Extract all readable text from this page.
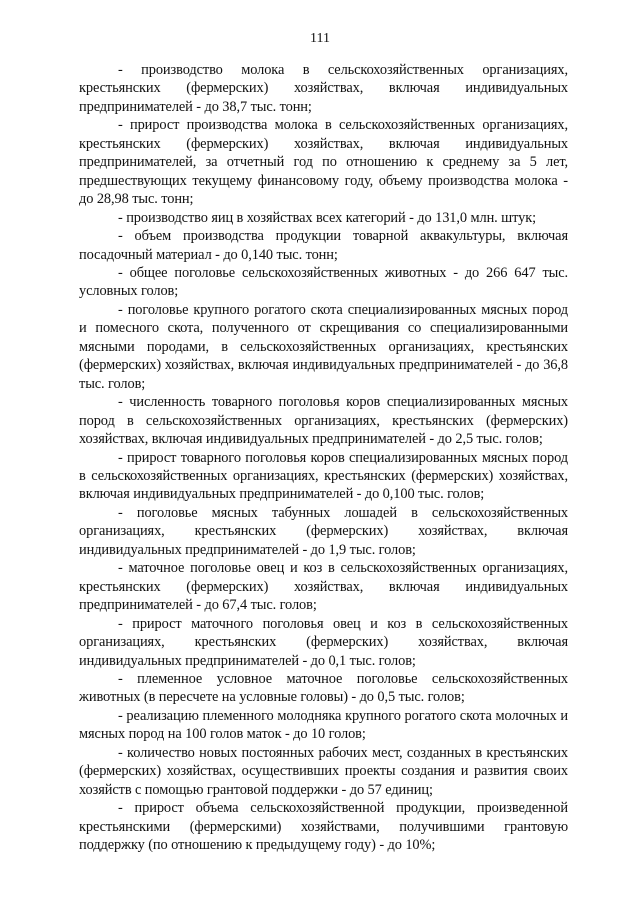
111

- производство молока в сельскохозяйственных организациях, крестьянских (фермерских) хозяйствах, включая индивидуальных предпринимателей - до 38,7 тыс. тонн;

- прирост производства молока в сельскохозяйственных организациях, крестьянских (фермерских) хозяйствах, включая индивидуальных предпринимателей, за отчетный год по отношению к среднему за 5 лет, предшествующих текущему финансовому году, объему производства молока - до 28,98 тыс. тонн;

- производство яиц в хозяйствах всех категорий - до 131,0 млн. штук;

- объем производства продукции товарной аквакультуры, включая посадочный материал - до 0,140 тыс. тонн;

- общее поголовье сельскохозяйственных животных - до 266 647 тыс. условных голов;

- поголовье крупного рогатого скота специализированных мясных пород и помесного скота, полученного от скрещивания со специализированными мясными породами, в сельскохозяйственных организациях, крестьянских (фермерских) хозяйствах, включая индивидуальных предпринимателей - до 36,8 тыс. голов;

- численность товарного поголовья коров специализированных мясных пород в сельскохозяйственных организациях, крестьянских (фермерских) хозяйствах, включая индивидуальных предпринимателей - до 2,5 тыс. голов;

- прирост товарного поголовья коров специализированных мясных пород в сельскохозяйственных организациях, крестьянских (фермерских) хозяйствах, включая индивидуальных предпринимателей - до 0,100 тыс. голов;

- поголовье мясных табунных лошадей в сельскохозяйственных организациях, крестьянских (фермерских) хозяйствах, включая индивидуальных предпринимателей - до 1,9 тыс. голов;

- маточное поголовье овец и коз в сельскохозяйственных организациях, крестьянских (фермерских) хозяйствах, включая индивидуальных предпринимателей - до 67,4 тыс. голов;

- прирост маточного поголовья овец и коз в сельскохозяйственных организациях, крестьянских (фермерских) хозяйствах, включая индивидуальных предпринимателей - до 0,1 тыс. голов;

- племенное условное маточное поголовье сельскохозяйственных животных (в пересчете на условные головы) - до 0,5 тыс. голов;

- реализацию племенного молодняка крупного рогатого скота молочных и мясных пород на 100 голов маток - до 10 голов;

- количество новых постоянных рабочих мест, созданных в крестьянских (фермерских) хозяйствах, осуществивших проекты создания и развития своих хозяйств с помощью грантовой поддержки - до 57 единиц;

- прирост объема сельскохозяйственной продукции, произведенной крестьянскими (фермерскими) хозяйствами, получившими грантовую поддержку (по отношению к предыдущему году) - до 10%;
